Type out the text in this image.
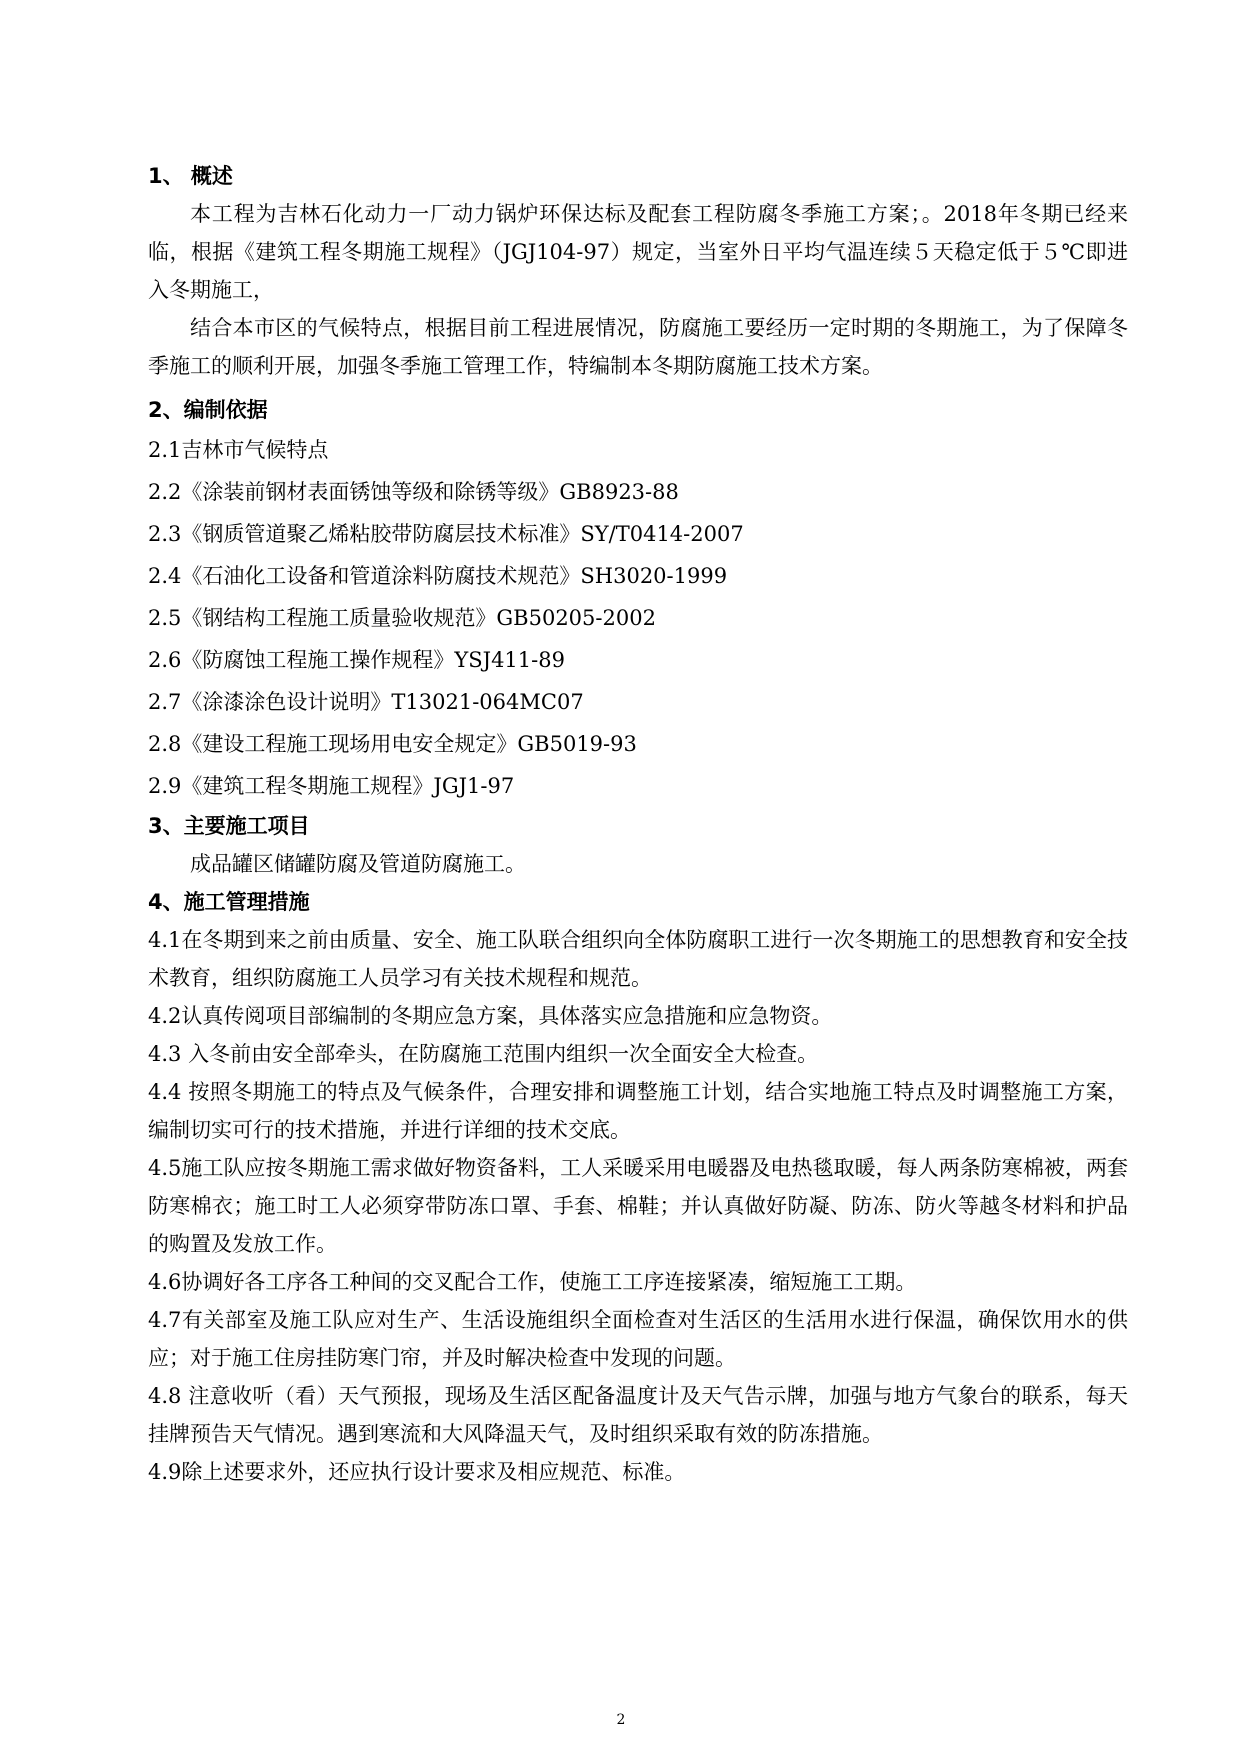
1、 概述
本工程为吉林石化动力一厂动力锅炉环保达标及配套工程防腐冬季施工方案；。2018年冬期已经来临，根据《建筑工程冬期施工规程》（JGJ104-97）规定，当室外日平均气温连续５天稳定低于５℃即进入冬期施工，
结合本市区的气候特点，根据目前工程进展情况，防腐施工要经历一定时期的冬期施工，为了保障冬季施工的顺利开展，加强冬季施工管理工作，特编制本冬期防腐施工技术方案。
2、编制依据
2.1吉林市气候特点
2.2《涂装前钢材表面锈蚀等级和除锈等级》GB8923-88
2.3《钢质管道聚乙烯粘胶带防腐层技术标准》SY/T0414-2007
2.4《石油化工设备和管道涂料防腐技术规范》SH3020-1999
2.5《钢结构工程施工质量验收规范》GB50205-2002
2.6《防腐蚀工程施工操作规程》YSJ411-89
2.7《涂漆涂色设计说明》T13021-064MC07
2.8《建设工程施工现场用电安全规定》GB5019-93
2.9《建筑工程冬期施工规程》JGJ1-97
3、主要施工项目
成品罐区储罐防腐及管道防腐施工。
4、施工管理措施
4.1在冬期到来之前由质量、安全、施工队联合组织向全体防腐职工进行一次冬期施工的思想教育和安全技术教育，组织防腐施工人员学习有关技术规程和规范。
4.2认真传阅项目部编制的冬期应急方案，具体落实应急措施和应急物资。
4.3 入冬前由安全部牵头，在防腐施工范围内组织一次全面安全大检查。
4.4 按照冬期施工的特点及气候条件，合理安排和调整施工计划，结合实地施工特点及时调整施工方案，编制切实可行的技术措施，并进行详细的技术交底。
4.5施工队应按冬期施工需求做好物资备料，工人采暖采用电暖器及电热毯取暖，每人两条防寒棉被，两套防寒棉衣；施工时工人必须穿带防冻口罩、手套、棉鞋；并认真做好防凝、防冻、防火等越冬材料和护品的购置及发放工作。
4.6协调好各工序各工种间的交叉配合工作，使施工工序连接紧凑，缩短施工工期。
4.7有关部室及施工队应对生产、生活设施组织全面检查对生活区的生活用水进行保温，确保饮用水的供应；对于施工住房挂防寒门帘，并及时解决检查中发现的问题。
4.8 注意收听（看）天气预报，现场及生活区配备温度计及天气告示牌，加强与地方气象台的联系，每天挂牌预告天气情况。遇到寒流和大风降温天气，及时组织采取有效的防冻措施。
4.9除上述要求外，还应执行设计要求及相应规范、标准。
2
